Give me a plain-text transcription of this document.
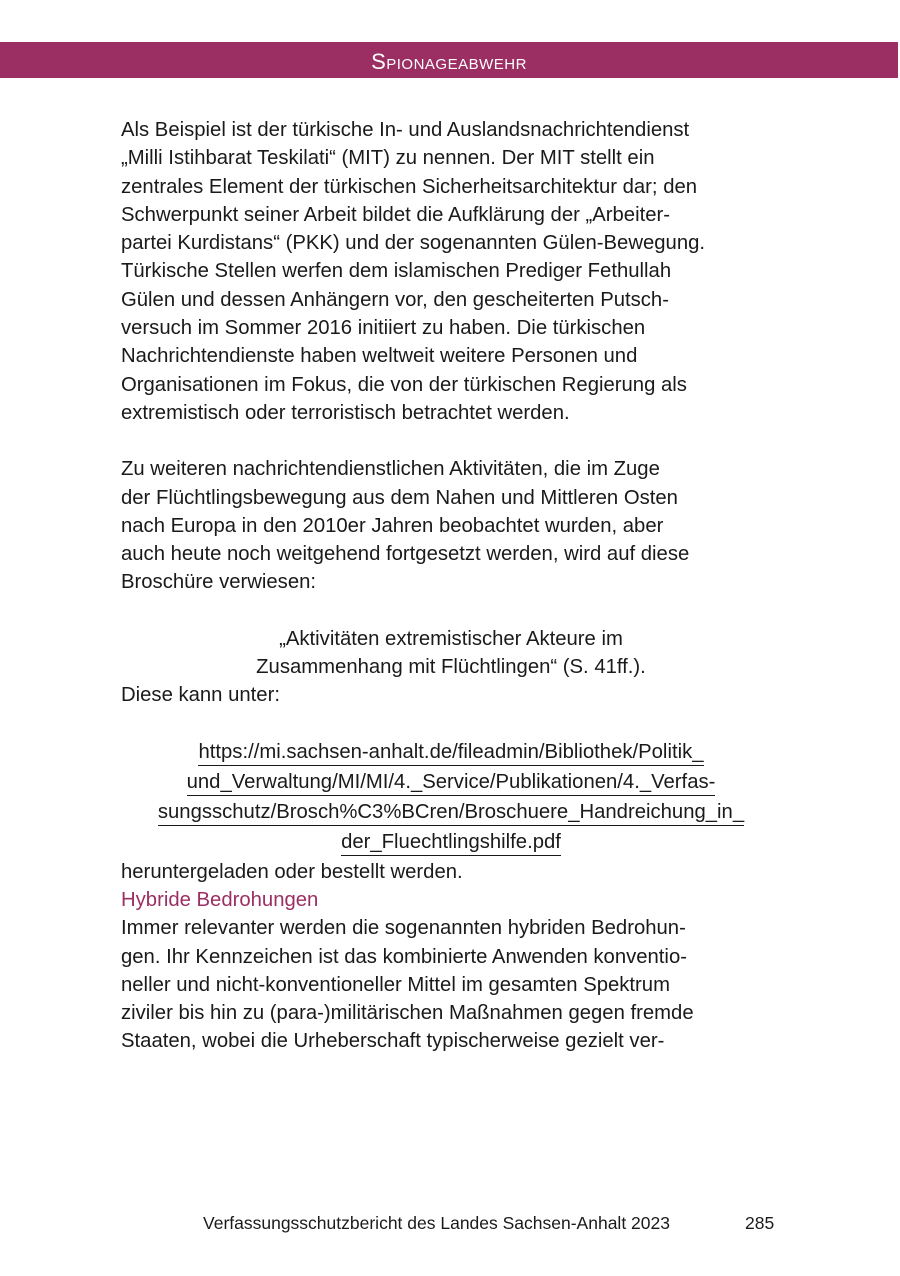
Spionageabwehr

Als Beispiel ist der türkische In- und Auslandsnachrichtendienst

„Milli Istihbarat Teskilati“ (MIT) zu nennen. Der MIT stellt ein

zentrales Element der türkischen Sicherheitsarchitektur dar; den

Schwerpunkt seiner Arbeit bildet die Aufklärung der „Arbeiter-

partei Kurdistans“ (PKK) und der sogenannten Gülen-Bewegung.

Türkische Stellen werfen dem islamischen Prediger Fethullah

Gülen und dessen Anhängern vor, den gescheiterten Putsch-

versuch im Sommer 2016 initiiert zu haben. Die türkischen

Nachrichtendienste haben weltweit weitere Personen und

Organisationen im Fokus, die von der türkischen Regierung als

extremistisch oder terroristisch betrachtet werden.

Zu weiteren nachrichtendienstlichen Aktivitäten, die im Zuge

der Flüchtlingsbewegung aus dem Nahen und Mittleren Osten

nach Europa in den 2010er Jahren beobachtet wurden, aber

auch heute noch weitgehend fortgesetzt werden, wird auf diese

Broschüre verwiesen:

„Aktivitäten extremistischer Akteure im

Zusammenhang mit Flüchtlingen“ (S. 41ff.).

Diese kann unter:

https://mi.sachsen-anhalt.de/fileadmin/Bibliothek/Politik_
und_Verwaltung/MI/MI/4._Service/Publikationen/4._Verfas-
sungsschutz/Brosch%C3%BCren/Broschuere_Handreichung_in_
der_Fluechtlingshilfe.pdf

heruntergeladen oder bestellt werden.

Hybride Bedrohungen

Immer relevanter werden die sogenannten hybriden Bedrohun-

gen. Ihr Kennzeichen ist das kombinierte Anwenden konventio-

neller und nicht-konventioneller Mittel im gesamten Spektrum

ziviler bis hin zu (para-)militärischen Maßnahmen gegen fremde

Staaten, wobei die Urheberschaft typischerweise gezielt ver-

Verfassungsschutzbericht des Landes Sachsen-Anhalt 2023	285
